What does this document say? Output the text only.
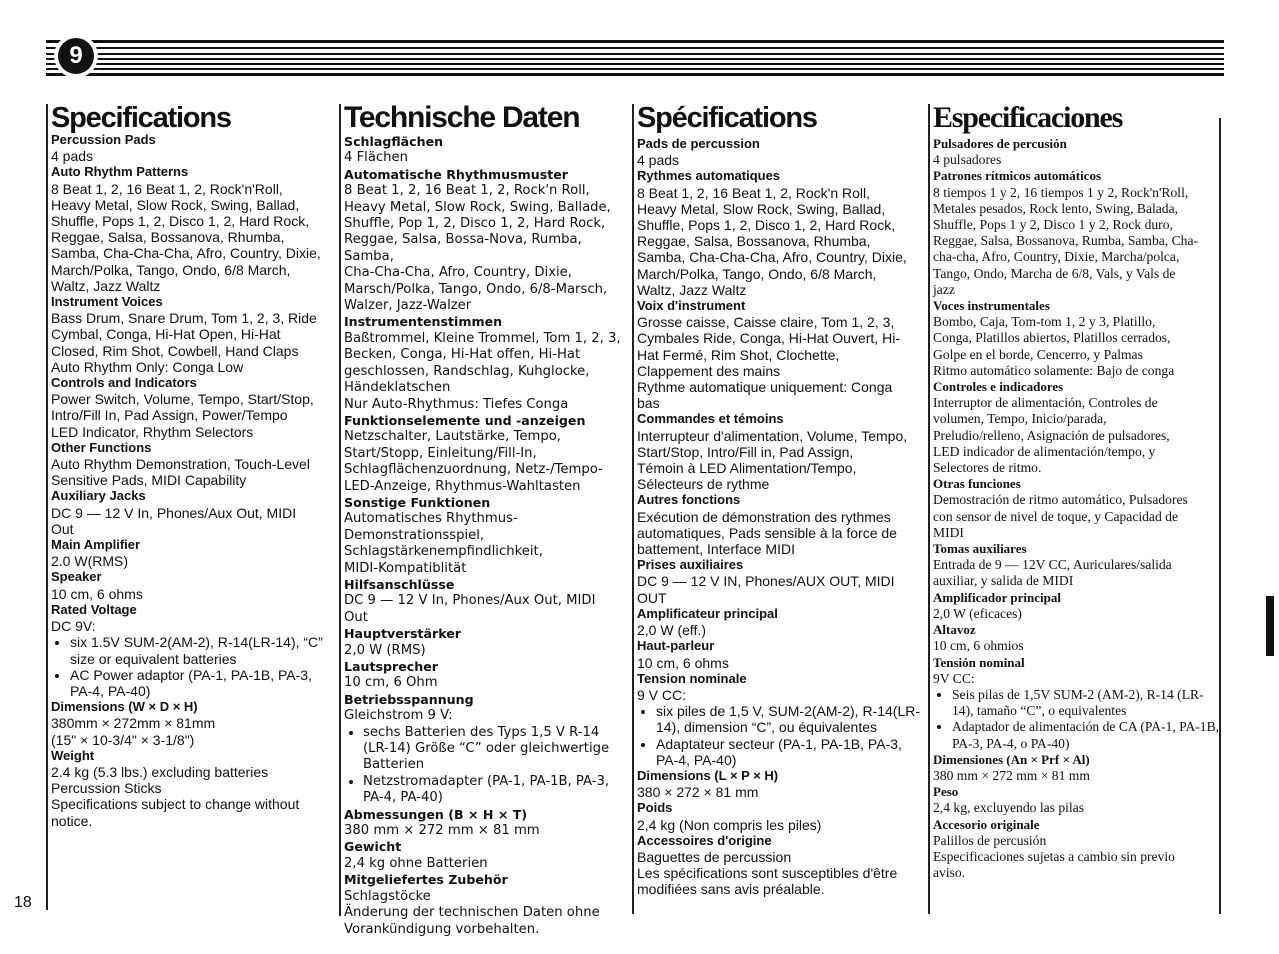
9
Specifications
Percussion Pads
4 pads
Auto Rhythm Patterns
8 Beat 1, 2, 16 Beat 1, 2, Rock'n'Roll,
Heavy Metal, Slow Rock, Swing, Ballad,
Shuffle, Pops 1, 2, Disco 1, 2, Hard Rock,
Reggae, Salsa, Bossanova, Rhumba,
Samba, Cha-Cha-Cha, Afro, Country, Dixie,
March/Polka, Tango, Ondo, 6/8 March,
Waltz, Jazz Waltz
Instrument Voices
Bass Drum, Snare Drum, Tom 1, 2, 3, Ride
Cymbal, Conga, Hi-Hat Open, Hi-Hat
Closed, Rim Shot, Cowbell, Hand Claps
Auto Rhythm Only: Conga Low
Controls and Indicators
Power Switch, Volume, Tempo, Start/Stop,
Intro/Fill In, Pad Assign, Power/Tempo
LED Indicator, Rhythm Selectors
Other Functions
Auto Rhythm Demonstration, Touch-Level
Sensitive Pads, MIDI Capability
Auxiliary Jacks
DC 9 — 12 V In, Phones/Aux Out, MIDI
Out
Main Amplifier
2.0 W(RMS)
Speaker
10 cm, 6 ohms
Rated Voltage
DC 9V:
• six 1.5V SUM-2(AM-2), R-14(LR-14), “C” size or equivalent batteries
• AC Power adaptor (PA-1, PA-1B, PA-3, PA-4, PA-40)
Dimensions (W × D × H)
380mm × 272mm × 81mm
(15" × 10-3/4" × 3-1/8")
Weight
2.4 kg (5.3 lbs.) excluding batteries
Percussion Sticks
Specifications subject to change without
notice.
Technische Daten
Schlagflächen
4 Flächen
Automatische Rhythmusmuster
8 Beat 1, 2, 16 Beat 1, 2, Rock'n Roll,
Heavy Metal, Slow Rock, Swing, Ballade,
Shuffle, Pop 1, 2, Disco 1, 2, Hard Rock,
Reggae, Salsa, Bossa-Nova, Rumba, Samba,
Cha-Cha-Cha, Afro, Country, Dixie,
Marsch/Polka, Tango, Ondo, 6/8-Marsch,
Walzer, Jazz-Walzer
Instrumentenstimmen
Baßtrommel, Kleine Trommel, Tom 1, 2, 3,
Becken, Conga, Hi-Hat offen, Hi-Hat
geschlossen, Randschlag, Kuhglocke,
Händeklatschen
Nur Auto-Rhythmus: Tiefes Conga
Funktionselemente und -anzeigen
Netzschalter, Lautstärke, Tempo,
Start/Stopp, Einleitung/Fill-In,
Schlagflächenzuordnung, Netz-/Tempo-
LED-Anzeige, Rhythmus-Wahltasten
Sonstige Funktionen
Automatisches Rhythmus-
Demonstrationsspiel,
Schlagstärkenempfindlichkeit,
MIDI-Kompatiblität
Hilfsanschlüsse
DC 9 — 12 V In, Phones/Aux Out, MIDI
Out
Hauptverstärker
2,0 W (RMS)
Lautsprecher
10 cm, 6 Ohm
Betriebsspannung
Gleichstrom 9 V:
• sechs Batterien des Typs 1,5 V R-14 (LR-14) Größe “C” oder gleichwertige Batterien
• Netzstromadapter (PA-1, PA-1B, PA-3, PA-4, PA-40)
Abmessungen (B × H × T)
380 mm × 272 mm × 81 mm
Gewicht
2,4 kg ohne Batterien
Mitgeliefertes Zubehör
Schlagstöcke
Änderung der technischen Daten ohne
Vorankündigung vorbehalten.
Spécifications
Pads de percussion
4 pads
Rythmes automatiques
8 Beat 1, 2, 16 Beat 1, 2, Rock'n Roll,
Heavy Metal, Slow Rock, Swing, Ballad,
Shuffle, Pops 1, 2, Disco 1, 2, Hard Rock,
Reggae, Salsa, Bossanova, Rhumba,
Samba, Cha-Cha-Cha, Afro, Country, Dixie,
March/Polka, Tango, Ondo, 6/8 March,
Waltz, Jazz Waltz
Voix d'instrument
Grosse caisse, Caisse claire, Tom 1, 2, 3,
Cymbales Ride, Conga, Hi-Hat Ouvert, Hi-
Hat Fermé, Rim Shot, Clochette,
Clappement des mains
Rythme automatique uniquement: Conga
bas
Commandes et témoins
Interrupteur d'alimentation, Volume, Tempo,
Start/Stop, Intro/Fill in, Pad Assign,
Témoin à LED Alimentation/Tempo,
Sélecteurs de rythme
Autres fonctions
Exécution de démonstration des rythmes
automatiques, Pads sensible à la force de
battement, Interface MIDI
Prises auxiliaires
DC 9 — 12 V IN, Phones/AUX OUT, MIDI
OUT
Amplificateur principal
2,0 W (eff.)
Haut-parleur
10 cm, 6 ohms
Tension nominale
9 V CC:
• six piles de 1,5 V, SUM-2(AM-2), R-14(LR-14), dimension “C”, ou équivalentes
• Adaptateur secteur (PA-1, PA-1B, PA-3, PA-4, PA-40)
Dimensions (L × P × H)
380 × 272 × 81 mm
Poids
2,4 kg (Non compris les piles)
Accessoires d'origine
Baguettes de percussion
Les spécifications sont susceptibles d'être
modifiées sans avis préalable.
Especificaciones
Pulsadores de percusión
4 pulsadores
Patrones rítmicos automáticos
8 tiempos 1 y 2, 16 tiempos 1 y 2, Rock'n'Roll,
Metales pesados, Rock lento, Swing, Balada,
Shuffle, Pops 1 y 2, Disco 1 y 2, Rock duro,
Reggae, Salsa, Bossanova, Rumba, Samba, Cha-
cha-cha, Afro, Country, Dixie, Marcha/polca,
Tango, Ondo, Marcha de 6/8, Vals, y Vals de
jazz
Voces instrumentales
Bombo, Caja, Tom-tom 1, 2 y 3, Platillo,
Conga, Platillos abiertos, Platillos cerrados,
Golpe en el borde, Cencerro, y Palmas
Ritmo automático solamente: Bajo de conga
Controles e indicadores
Interruptor de alimentación, Controles de
volumen, Tempo, Inicio/parada,
Preludio/relleno, Asignación de pulsadores,
LED indicador de alimentación/tempo, y
Selectores de ritmo.
Otras funciones
Demostración de ritmo automático, Pulsadores
con sensor de nivel de toque, y Capacidad de
MIDI
Tomas auxiliares
Entrada de 9 — 12V CC, Auriculares/salida
auxiliar, y salida de MIDI
Amplificador principal
2,0 W (eficaces)
Altavoz
10 cm, 6 ohmios
Tensión nominal
9V CC:
• Seis pilas de 1,5V SUM-2 (AM-2), R-14 (LR-14), tamaño “C”, o equivalentes
• Adaptador de alimentación de CA (PA-1, PA-1B, PA-3, PA-4, o PA-40)
Dimensiones (An × Prf × Al)
380 mm × 272 mm × 81 mm
Peso
2,4 kg, excluyendo las pilas
Accesorio originale
Palillos de percusión
Especificaciones sujetas a cambio sin previo
aviso.
18
